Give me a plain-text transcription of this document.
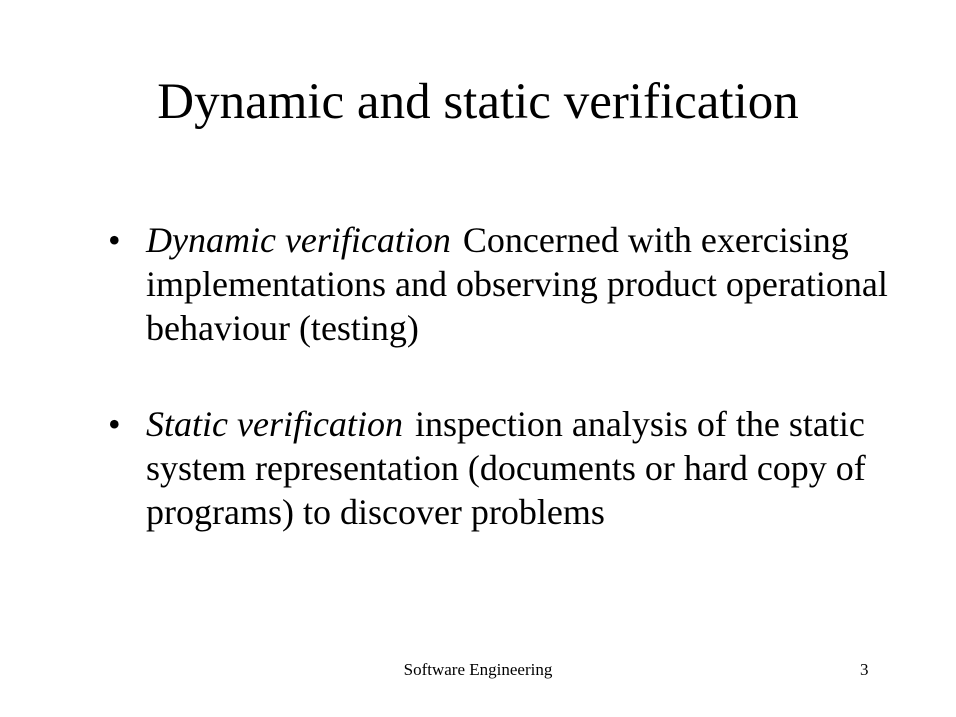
Dynamic and static verification
• Dynamic verification Concerned with exercising implementations and observing product operational behaviour (testing)
• Static verification inspection analysis of the static system representation (documents or hard copy of programs) to discover problems
Software Engineering	3
